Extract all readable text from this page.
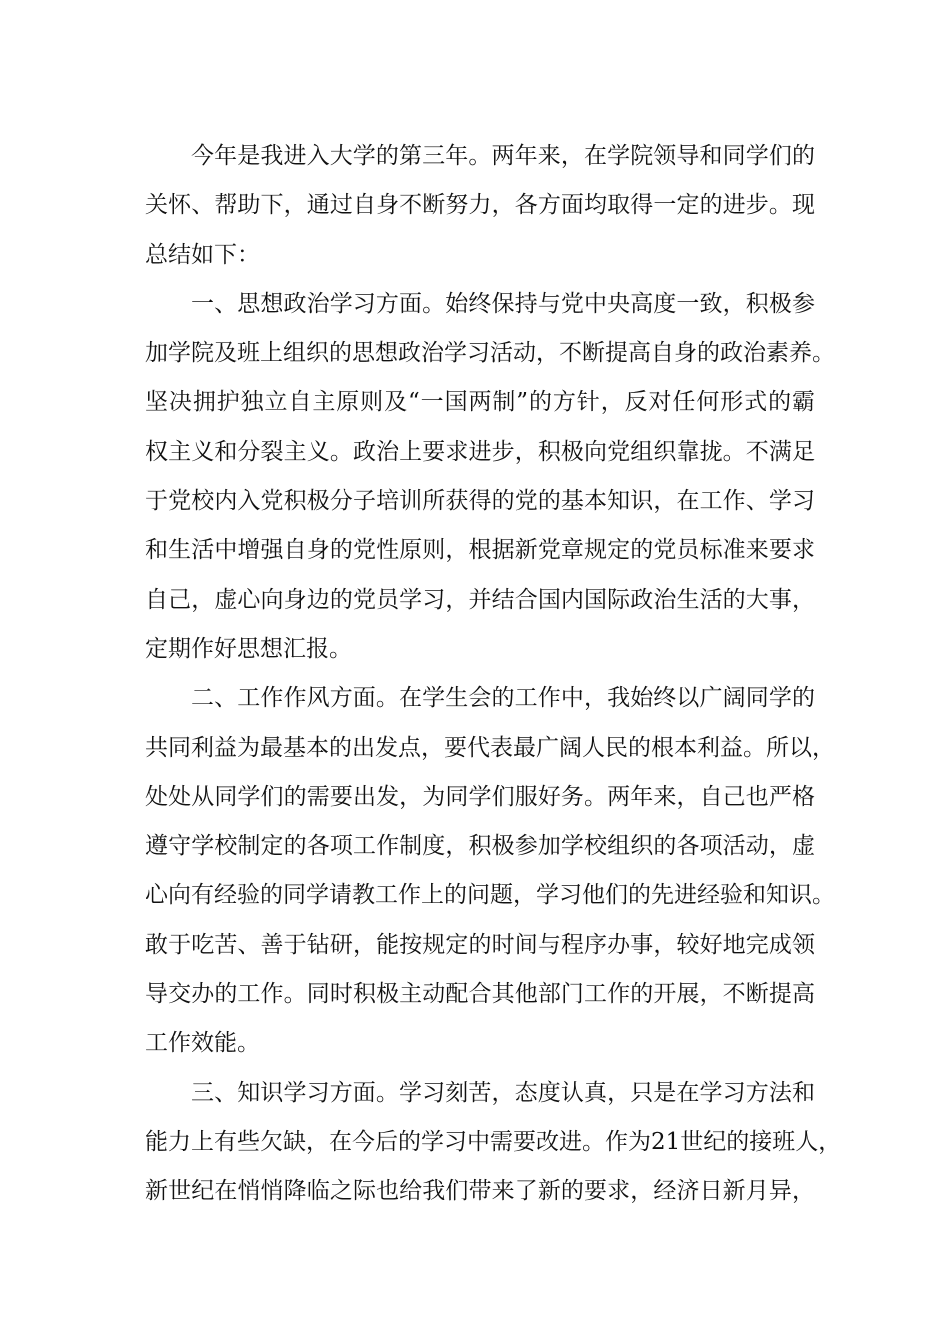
今年是我进入大学的第三年。两年来，在学院领导和同学们的
关怀、帮助下，通过自身不断努力，各方面均取得一定的进步。现
总结如下：
一、思想政治学习方面。始终保持与党中央高度一致，积极参
加学院及班上组织的思想政治学习活动，不断提高自身的政治素养。
坚决拥护独立自主原则及“一国两制”的方针，反对任何形式的霸
权主义和分裂主义。政治上要求进步，积极向党组织靠拢。不满足
于党校内入党积极分子培训所获得的党的基本知识，在工作、学习
和生活中增强自身的党性原则，根据新党章规定的党员标准来要求
自己，虚心向身边的党员学习，并结合国内国际政治生活的大事，
定期作好思想汇报。
二、工作作风方面。在学生会的工作中，我始终以广阔同学的
共同利益为最基本的出发点，要代表最广阔人民的根本利益。所以，
处处从同学们的需要出发，为同学们服好务。两年来，自己也严格
遵守学校制定的各项工作制度，积极参加学校组织的各项活动，虚
心向有经验的同学请教工作上的问题，学习他们的先进经验和知识。
敢于吃苦、善于钻研，能按规定的时间与程序办事，较好地完成领
导交办的工作。同时积极主动配合其他部门工作的开展，不断提高
工作效能。
三、知识学习方面。学习刻苦，态度认真，只是在学习方法和
能力上有些欠缺，在今后的学习中需要改进。作为21世纪的接班人，
新世纪在悄悄降临之际也给我们带来了新的要求，经济日新月异，
